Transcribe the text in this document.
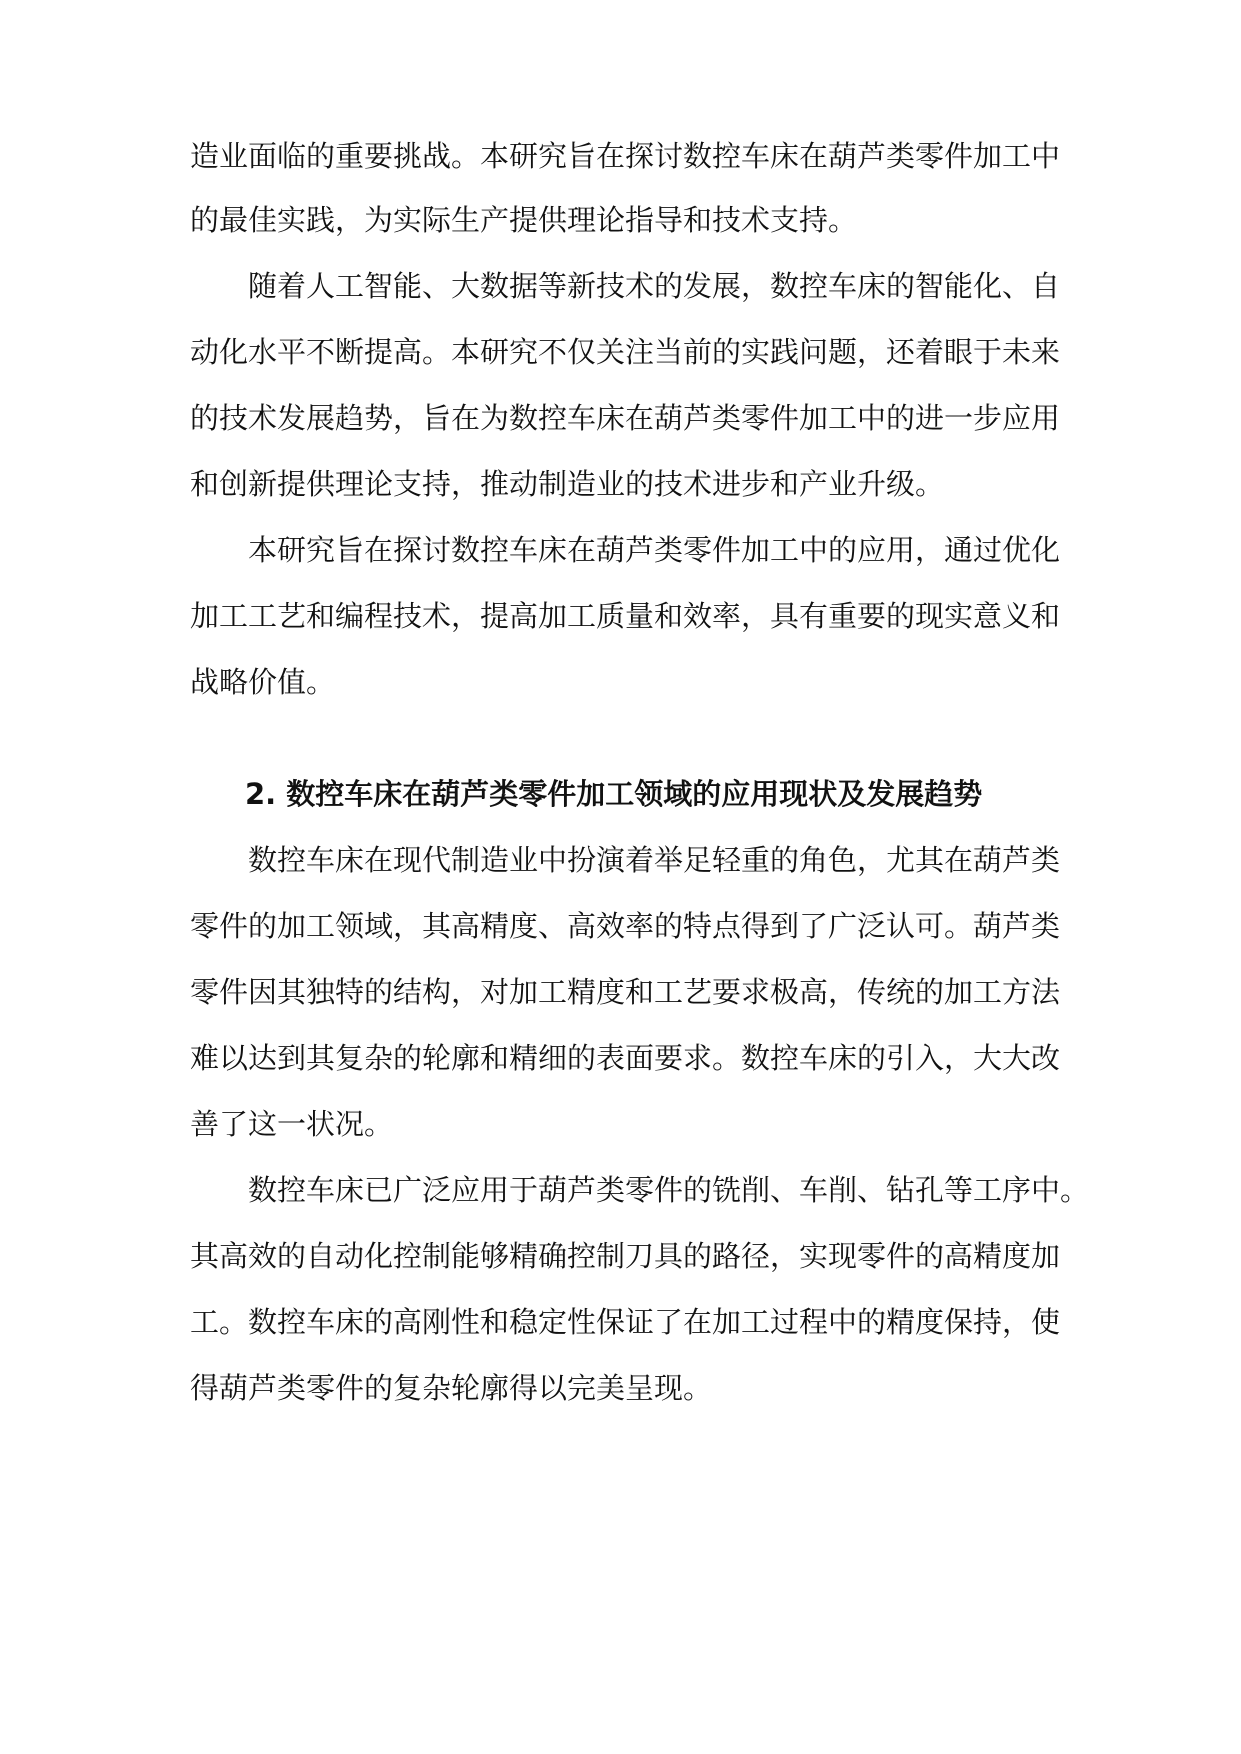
造业面临的重要挑战。本研究旨在探讨数控车床在葫芦类零件加工中
的最佳实践，为实际生产提供理论指导和技术支持。
随着人工智能、大数据等新技术的发展，数控车床的智能化、自
动化水平不断提高。本研究不仅关注当前的实践问题，还着眼于未来
的技术发展趋势，旨在为数控车床在葫芦类零件加工中的进一步应用
和创新提供理论支持，推动制造业的技术进步和产业升级。
本研究旨在探讨数控车床在葫芦类零件加工中的应用，通过优化
加工工艺和编程技术，提高加工质量和效率，具有重要的现实意义和
战略价值。
2. 数控车床在葫芦类零件加工领域的应用现状及发展趋势
数控车床在现代制造业中扮演着举足轻重的角色，尤其在葫芦类
零件的加工领域，其高精度、高效率的特点得到了广泛认可。葫芦类
零件因其独特的结构，对加工精度和工艺要求极高，传统的加工方法
难以达到其复杂的轮廓和精细的表面要求。数控车床的引入，大大改
善了这一状况。
数控车床已广泛应用于葫芦类零件的铣削、车削、钻孔等工序中。
其高效的自动化控制能够精确控制刀具的路径，实现零件的高精度加
工。数控车床的高刚性和稳定性保证了在加工过程中的精度保持，使
得葫芦类零件的复杂轮廓得以完美呈现。
